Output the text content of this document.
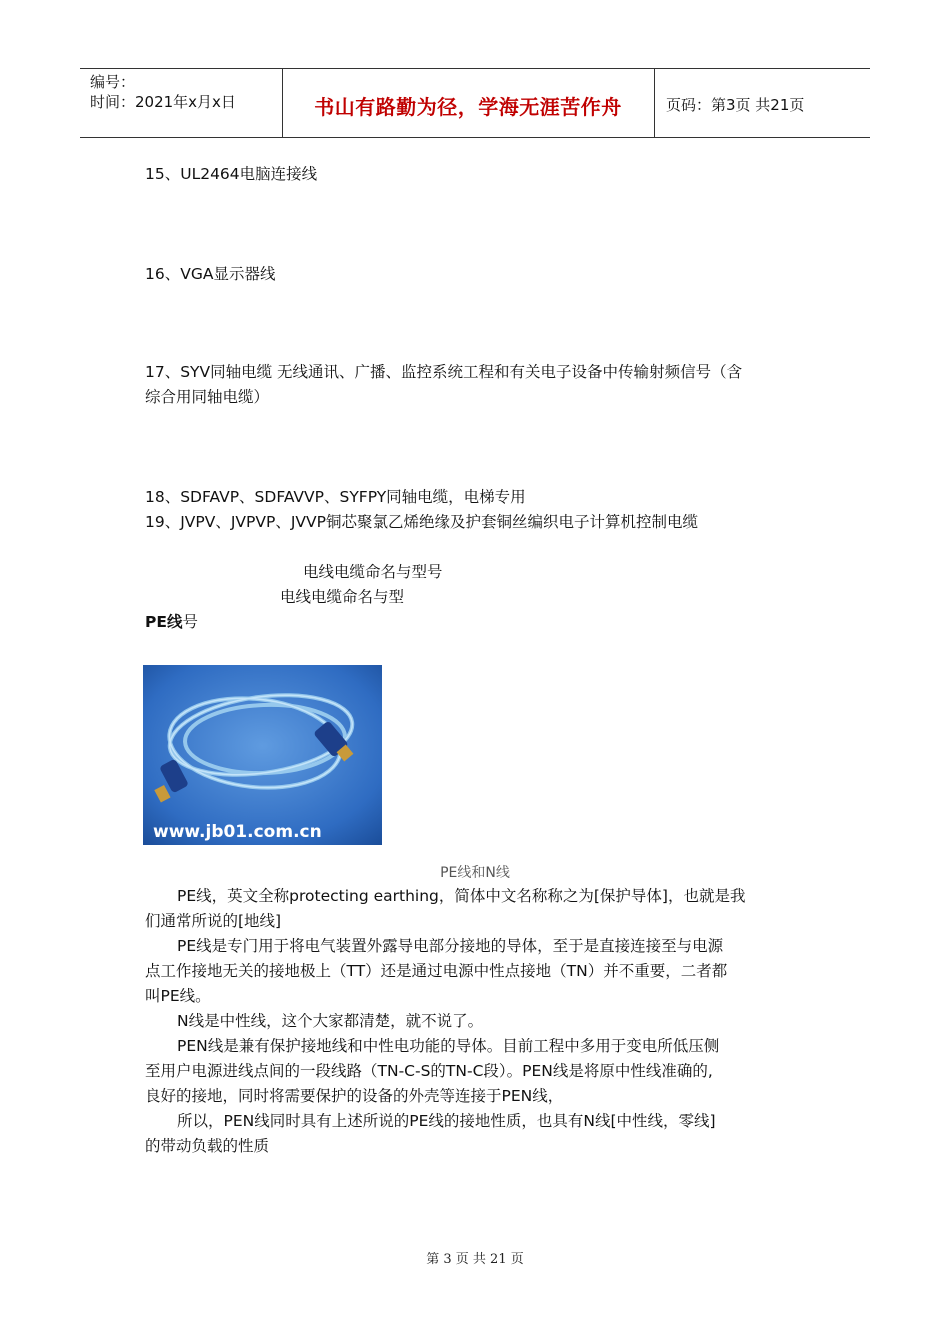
编号：
时间：2021年x月x日	书山有路勤为径，学海无涯苦作舟	页码：第3页 共21页
15、UL2464电脑连接线
16、VGA显示器线
17、SYV同轴电缆 无线通讯、广播、监控系统工程和有关电子设备中传输射频信号（含
综合用同轴电缆）
18、SDFAVP、SDFAVVP、SYFPY同轴电缆，电梯专用
19、JVPV、JVPVP、JVVP铜芯聚氯乙烯绝缘及护套铜丝编织电子计算机控制电缆
电线电缆命名与型号
电线电缆命名与型
PE线号
www.jb01.com.cn
PE线和N线
PE线，英文全称protecting earthing，简体中文名称称之为[保护导体]，也就是我
们通常所说的[地线]
PE线是专门用于将电气装置外露导电部分接地的导体，至于是直接连接至与电源
点工作接地无关的接地极上（TT）还是通过电源中性点接地（TN）并不重要，二者都
叫PE线。
N线是中性线，这个大家都清楚，就不说了。
PEN线是兼有保护接地线和中性电功能的导体。目前工程中多用于变电所低压侧
至用户电源进线点间的一段线路（TN-C-S的TN-C段）。PEN线是将原中性线准确的,
良好的接地，同时将需要保护的设备的外壳等连接于PEN线，
所以，PEN线同时具有上述所说的PE线的接地性质，也具有N线[中性线，零线]
的带动负载的性质
第 3 页 共 21 页
